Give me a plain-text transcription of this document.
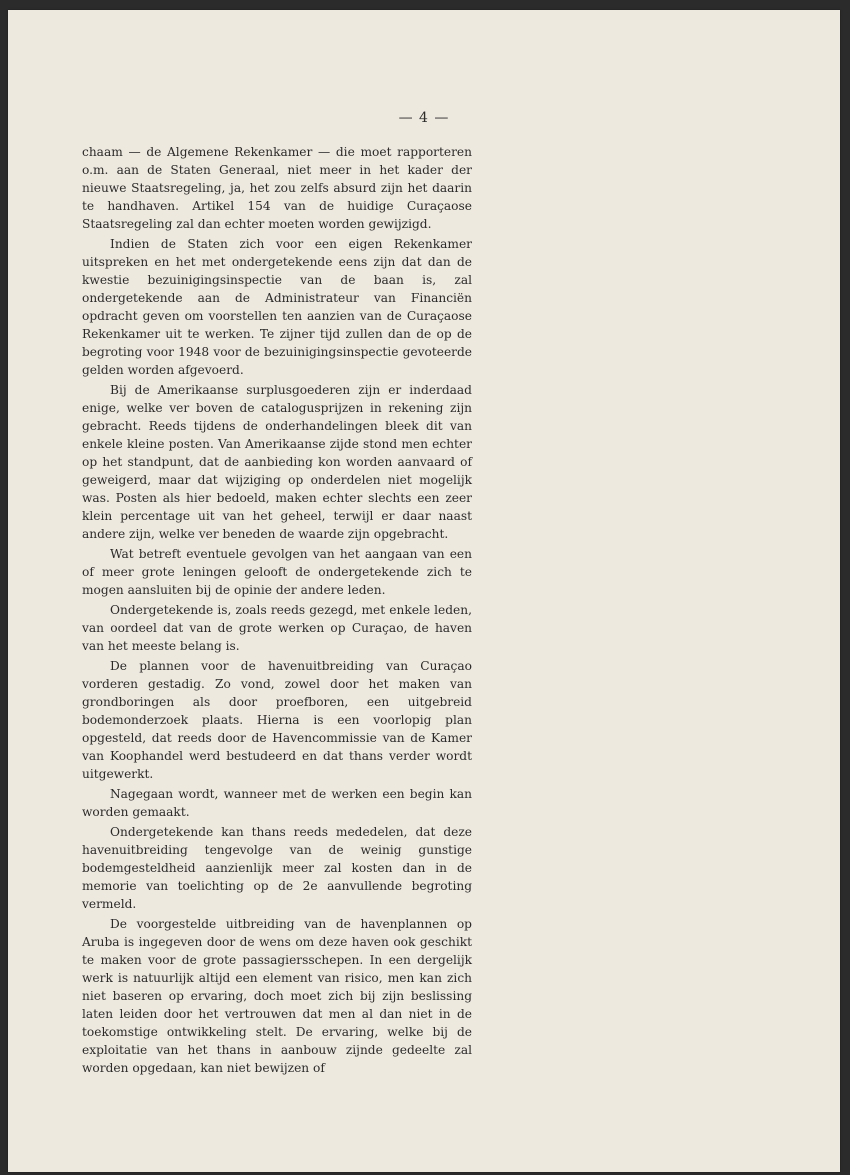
— 4 —

chaam — de Algemene Rekenkamer — die moet rapporteren o.m. aan de Staten Generaal, niet meer in het kader der nieuwe Staatsregeling, ja, het zou zelfs absurd zijn het daarin te handhaven. Artikel 154 van de huidige Curaçaose Staatsregeling zal dan echter moeten worden gewijzigd.

Indien de Staten zich voor een eigen Rekenkamer uitspreken en het met ondergetekende eens zijn dat dan de kwestie bezuinigingsinspectie van de baan is, zal ondergetekende aan de Administrateur van Financiën opdracht geven om voorstellen ten aanzien van de Curaçaose Rekenkamer uit te werken. Te zijner tijd zullen dan de op de begroting voor 1948 voor de bezuinigingsinspectie gevoteerde gelden worden afgevoerd.

Bij de Amerikaanse surplusgoederen zijn er inderdaad enige, welke ver boven de catalogusprijzen in rekening zijn gebracht. Reeds tijdens de onderhandelingen bleek dit van enkele kleine posten. Van Amerikaanse zijde stond men echter op het standpunt, dat de aanbieding kon worden aanvaard of geweigerd, maar dat wijziging op onderdelen niet mogelijk was. Posten als hier bedoeld, maken echter slechts een zeer klein percentage uit van het geheel, terwijl er daar naast andere zijn, welke ver beneden de waarde zijn opgebracht.

Wat betreft eventuele gevolgen van het aangaan van een of meer grote leningen gelooft de ondergetekende zich te mogen aansluiten bij de opinie der andere leden.

Ondergetekende is, zoals reeds gezegd, met enkele leden, van oordeel dat van de grote werken op Curaçao, de haven van het meeste belang is.

De plannen voor de havenuitbreiding van Curaçao vorderen gestadig. Zo vond, zowel door het maken van grondboringen als door proefboren, een uitgebreid bodemonderzoek plaats. Hierna is een voorlopig plan opgesteld, dat reeds door de Havencommissie van de Kamer van Koophandel werd bestudeerd en dat thans verder wordt uitgewerkt.

Nagegaan wordt, wanneer met de werken een begin kan worden gemaakt.

Ondergetekende kan thans reeds mededelen, dat deze havenuitbreiding tengevolge van de weinig gunstige bodemgesteldheid aanzienlijk meer zal kosten dan in de memorie van toelichting op de 2e aanvullende begroting vermeld.

De voorgestelde uitbreiding van de havenplannen op Aruba is ingegeven door de wens om deze haven ook geschikt te maken voor de grote passagiersschepen. In een dergelijk werk is natuurlijk altijd een element van risico, men kan zich niet baseren op ervaring, doch moet zich bij zijn beslissing laten leiden door het vertrouwen dat men al dan niet in de toekomstige ontwikkeling stelt. De ervaring, welke bij de exploitatie van het thans in aanbouw zijnde gedeelte zal worden opgedaan, kan niet bewijzen of
